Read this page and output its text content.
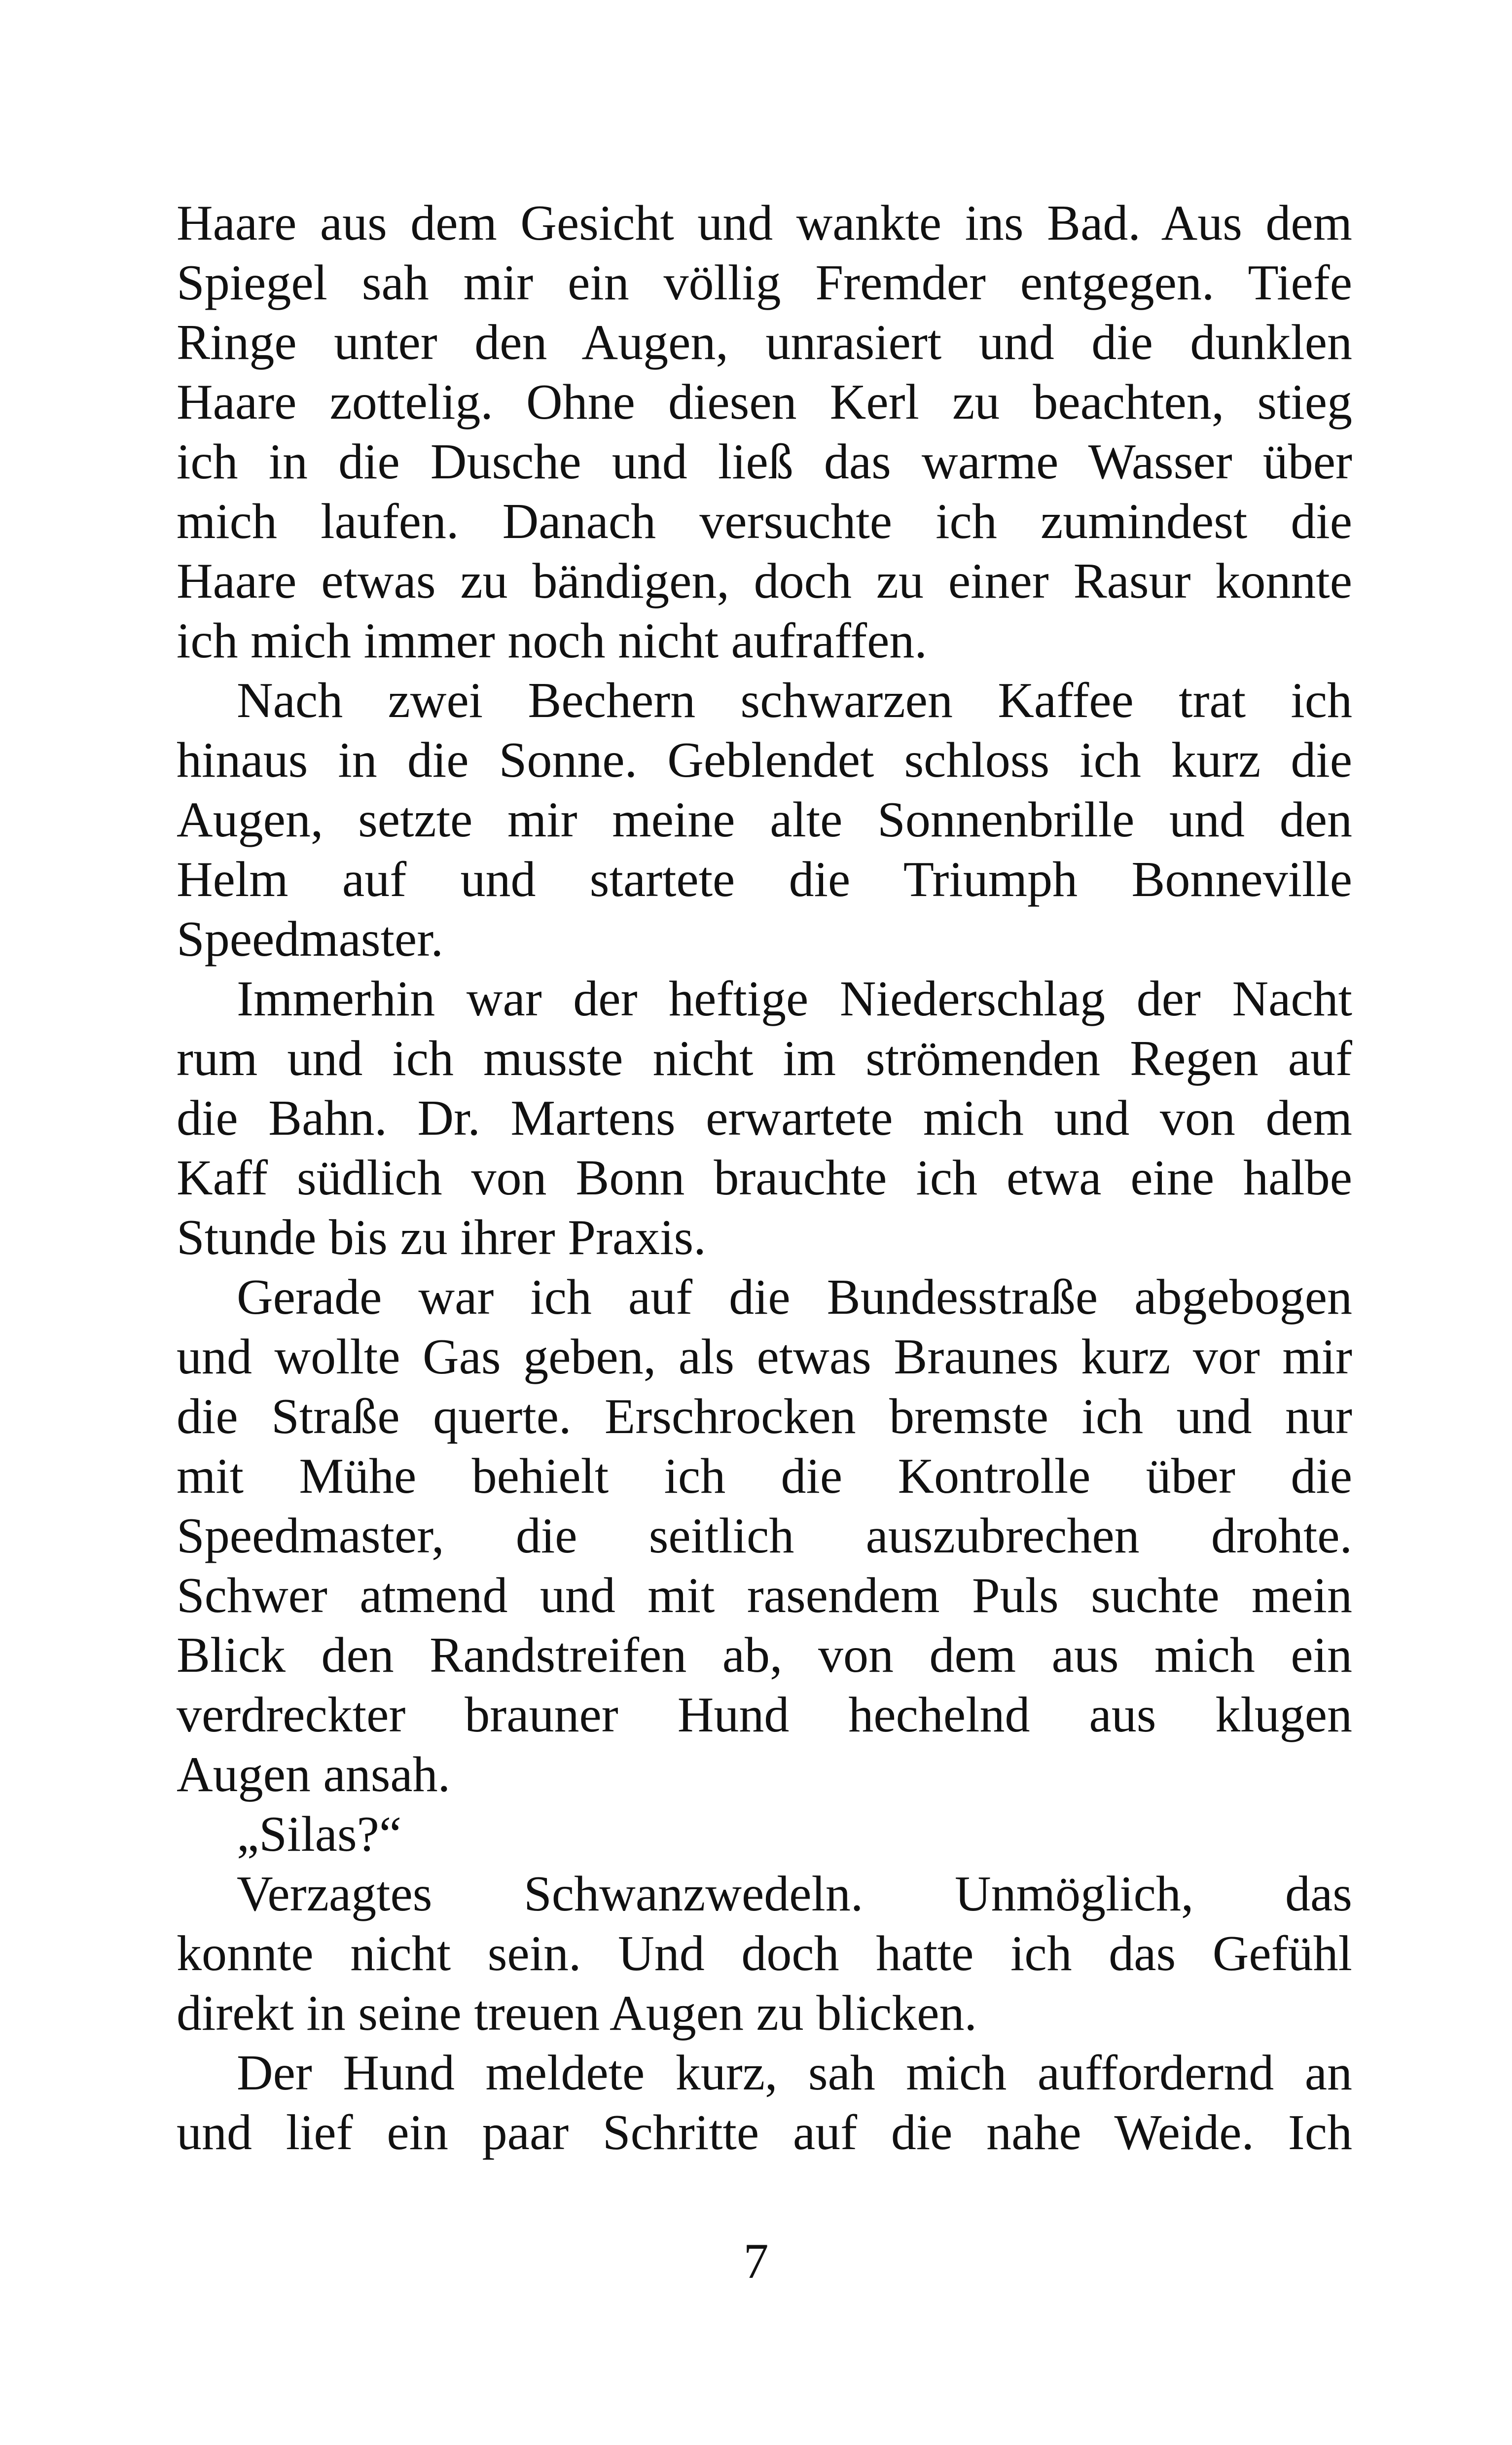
Haare aus dem Gesicht und wankte ins Bad. Aus dem
Spiegel sah mir ein völlig Fremder entgegen. Tiefe
Ringe unter den Augen, unrasiert und die dunklen
Haare zottelig. Ohne diesen Kerl zu beachten, stieg
ich in die Dusche und ließ das warme Wasser über
mich laufen. Danach versuchte ich zumindest die
Haare etwas zu bändigen, doch zu einer Rasur konnte
ich mich immer noch nicht aufraffen.
Nach zwei Bechern schwarzen Kaffee trat ich
hinaus in die Sonne. Geblendet schloss ich kurz die
Augen, setzte mir meine alte Sonnenbrille und den
Helm auf und startete die Triumph Bonneville
Speedmaster.
Immerhin war der heftige Niederschlag der Nacht
rum und ich musste nicht im strömenden Regen auf
die Bahn. Dr. Martens erwartete mich und von dem
Kaff südlich von Bonn brauchte ich etwa eine halbe
Stunde bis zu ihrer Praxis.
Gerade war ich auf die Bundesstraße abgebogen
und wollte Gas geben, als etwas Braunes kurz vor mir
die Straße querte. Erschrocken bremste ich und nur
mit Mühe behielt ich die Kontrolle über die
Speedmaster, die seitlich auszubrechen drohte.
Schwer atmend und mit rasendem Puls suchte mein
Blick den Randstreifen ab, von dem aus mich ein
verdreckter brauner Hund hechelnd aus klugen
Augen ansah.
„Silas?“
Verzagtes Schwanzwedeln. Unmöglich, das
konnte nicht sein. Und doch hatte ich das Gefühl
direkt in seine treuen Augen zu blicken.
Der Hund meldete kurz, sah mich auffordernd an
und lief ein paar Schritte auf die nahe Weide. Ich
7
